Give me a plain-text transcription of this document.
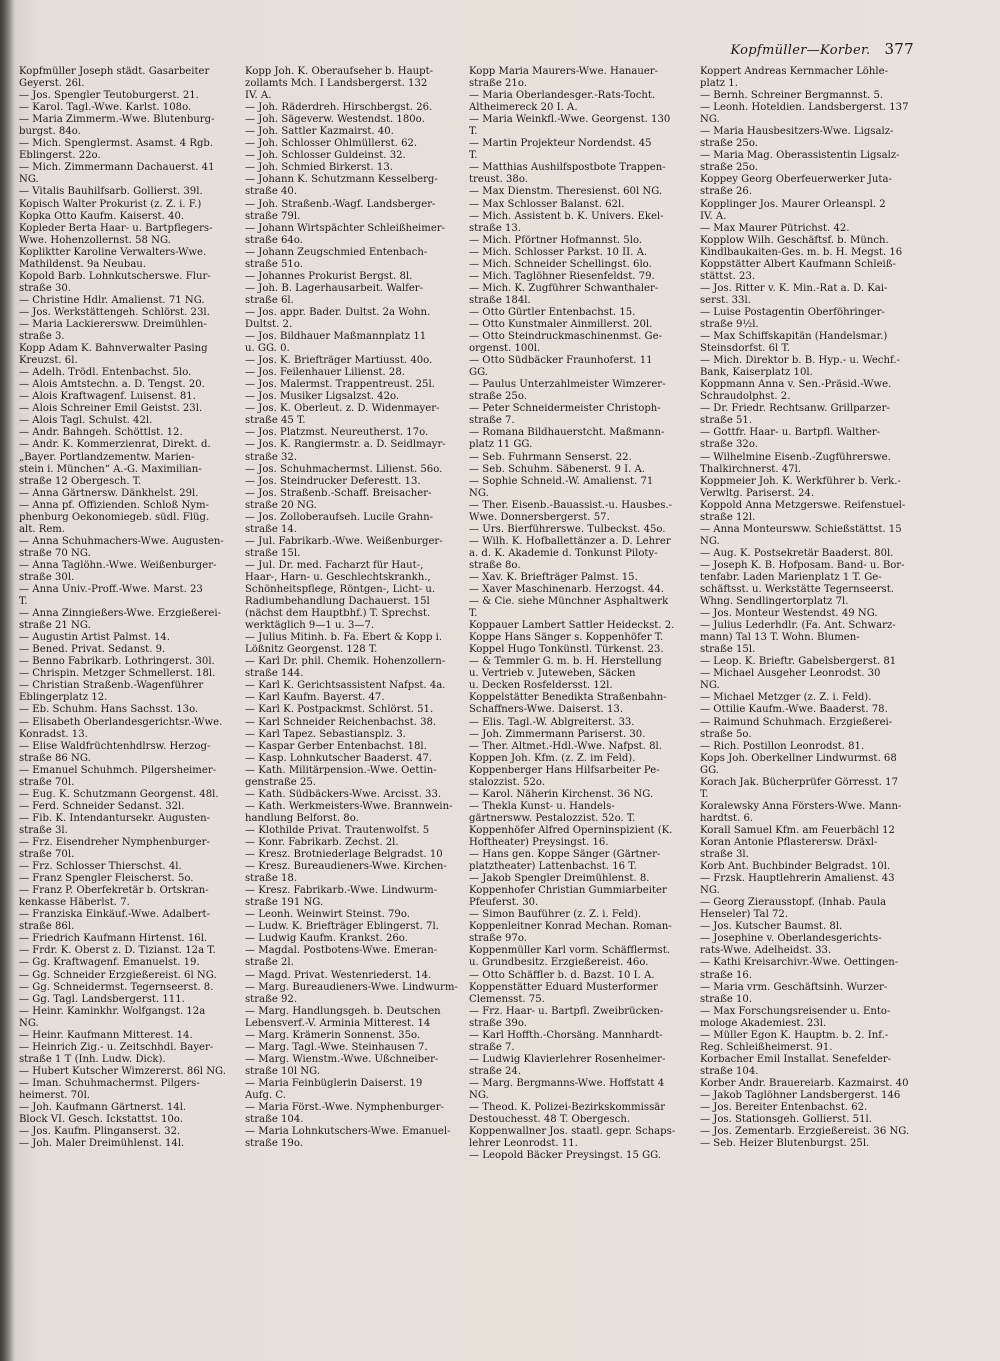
Kopfmüller—Korber. 377

Kopfmüller Joseph städt. Gasarbeiter

Geyerst. 26l.

— Jos. Spengler Teutoburgerst. 21.

— Karol. Tagl.-Wwe. Karlst. 108o.

— Maria Zimmerm.-Wwe. Blutenburg-

burgst. 84o.

— Mich. Spenglermst. Asamst. 4 Rgb.

Eblingerst. 22o.

— Mich. Zimmermann Dachauerst. 41

NG.

— Vitalis Bauhilfsarb. Gollierst. 39l.

Kopisch Walter Prokurist (z. Z. i. F.)

Kopka Otto Kaufm. Kaiserst. 40.

Kopleder Berta Haar- u. Bartpflegers-

Wwe. Hohenzollernst. 58 NG.

Kopliktter Karoline Verwalters-Wwe.

Mathildenst. 9a Neubau.

Kopold Barb. Lohnkutscherswe. Flur-

straße 30.

— Christine Hdlr. Amalienst. 71 NG.

— Jos. Werkstättengeh. Schlörst. 23l.

— Maria Lackierersww. Dreimühlen-

straße 3.

Kopp Adam K. Bahnverwalter Pasing

Kreuzst. 6l.

— Adelh. Trödl. Entenbachst. 5lo.

— Alois Amtstechn. a. D. Tengst. 20.

— Alois Kraftwagenf. Luisenst. 81.

— Alois Schreiner Emil Geistst. 23l.

— Alois Tagl. Schulst. 42l.

— Andr. Bahngeh. Schöttlst. 12.

— Andr. K. Kommerzienrat, Direkt. d.

„Bayer. Portlandzementw. Marien-

stein i. München“ A.-G. Maximilian-

straße 12 Obergesch. T.

— Anna Gärtnersw. Dänkhelst. 29l.

— Anna pf. Offizienden. Schloß Nym-

phenburg Oekonomiegeb. südl. Flüg.

alt. Rem.

— Anna Schuhmachers-Wwe. Augusten-

straße 70 NG.

— Anna Taglöhn.-Wwe. Weißenburger-

straße 30l.

— Anna Univ.-Proff.-Wwe. Marst. 23

T.

— Anna Zinngießers-Wwe. Erzgießerei-

straße 21 NG.

— Augustin Artist Palmst. 14.

— Bened. Privat. Sedanst. 9.

— Benno Fabrikarb. Lothringerst. 30l.

— Chrispin. Metzger Schmellerst. 18l.

— Christian Straßenb.-Wagenführer

Eblingerplatz 12.

— Eb. Schuhm. Hans Sachsst. 13o.

— Elisabeth Oberlandesgerichtsr.-Wwe.

Konradst. 13.

— Elise Waldfrüchtenhdlrsw. Herzog-

straße 86 NG.

— Emanuel Schuhmch. Pilgersheimer-

straße 70l.

— Eug. K. Schutzmann Georgenst. 48l.

— Ferd. Schneider Sedanst. 32l.

— Fib. K. Intendantursekr. Augusten-

straße 3l.

— Frz. Eisendreher Nymphenburger-

straße 70l.

— Frz. Schlosser Thierschst. 4l.

— Franz Spengler Fleischerst. 5o.

— Franz P. Oberfekretär b. Ortskran-

kenkasse Häberlst. 7.

— Franziska Einkäuf.-Wwe. Adalbert-

straße 86l.

— Friedrich Kaufmann Hirtenst. 16l.

— Frdr. K. Oberst z. D. Tizianst. 12a T.

— Gg. Kraftwagenf. Emanuelst. 19.

— Gg. Schneider Erzgießereist. 6l NG.

— Gg. Schneidermst. Tegernseerst. 8.

— Gg. Tagl. Landsbergerst. 111.

— Heinr. Kaminkhr. Wolfgangst. 12a

NG.

— Heinr. Kaufmann Mitterest. 14.

— Heinrich Zig.- u. Zeitschhdl. Bayer-

straße 1 T (Inh. Ludw. Dick).

— Hubert Kutscher Wimzererst. 86l NG.

— Iman. Schuhmachermst. Pilgers-

heimerst. 70l.

— Joh. Kaufmann Gärtnerst. 14l.

Block VI. Gesch. Ickstattst. 10o.

— Jos. Kaufm. Plinganserst. 32.

— Joh. Maler Dreimühlenst. 14l.

Kopp Joh. K. Oberaufseher b. Haupt-

zollamts Mch. I Landsbergerst. 132

IV. A.

— Joh. Räderdreh. Hirschbergst. 26.

— Joh. Sägeverw. Westendst. 180o.

— Joh. Sattler Kazmairst. 40.

— Joh. Schlosser Ohlmüllerst. 62.

— Joh. Schlosser Guldeinst. 32.

— Joh. Schmied Birkerst. 13.

— Johann K. Schutzmann Kesselberg-

straße 40.

— Joh. Straßenb.-Wagf. Landsberger-

straße 79l.

— Johann Wirtspächter Schleißheimer-

straße 64o.

— Johann Zeugschmied Entenbach-

straße 51o.

— Johannes Prokurist Bergst. 8l.

— Joh. B. Lagerhausarbeit. Walfer-

straße 6l.

— Jos. appr. Bader. Dultst. 2a Wohn.

Dultst. 2.

— Jos. Bildhauer Maßmannplatz 11

u. GG. 0.

— Jos. K. Briefträger Martiusst. 40o.

— Jos. Feilenhauer Lilienst. 28.

— Jos. Malermst. Trappentreust. 25l.

— Jos. Musiker Ligsalzst. 42o.

— Jos. K. Oberleut. z. D. Widenmayer-

straße 45 T.

— Jos. Platzmst. Neureutherst. 17o.

— Jos. K. Rangiermstr. a. D. Seidlmayr-

straße 32.

— Jos. Schuhmachermst. Lilienst. 56o.

— Jos. Steindrucker Deferestt. 13.

— Jos. Straßenb.-Schaff. Breisacher-

straße 20 NG.

— Jos. Zolloberaufseh. Lucile Grahn-

straße 14.

— Jul. Fabrikarb.-Wwe. Weißenburger-

straße 15l.

— Jul. Dr. med. Facharzt für Haut-,

Haar-, Harn- u. Geschlechtskrankh.,

Schönheitspflege, Röntgen-, Licht- u.

Radiumbehandlung Dachauerst. 15l

(nächst dem Hauptbhf.) T. Sprechst.

werktäglich 9—1 u. 3—7.

— Julius Mitinh. b. Fa. Ebert & Kopp i.

Lößnitz Georgenst. 128 T.

— Karl Dr. phil. Chemik. Hohenzollern-

straße 144.

— Karl K. Gerichtsassistent Nafpst. 4a.

— Karl Kaufm. Bayerst. 47.

— Karl K. Postpackmst. Schlörst. 51.

— Karl Schneider Reichenbachst. 38.

— Karl Tapez. Sebastiansplz. 3.

— Kaspar Gerber Entenbachst. 18l.

— Kasp. Lohnkutscher Baaderst. 47.

— Kath. Militärpension.-Wwe. Oettin-

genstraße 25.

— Kath. Südbäckers-Wwe. Arcisst. 33.

— Kath. Werkmeisters-Wwe. Brannwein-

handlung Belforst. 8o.

— Klothilde Privat. Trautenwolfst. 5

— Konr. Fabrikarb. Zechst. 2l.

— Kresz. Brotniederlage Belgradst. 10

— Kresz. Bureaudieners-Wwe. Kirchen-

straße 18.

— Kresz. Fabrikarb.-Wwe. Lindwurm-

straße 191 NG.

— Leonh. Weinwirt Steinst. 79o.

— Ludw. K. Briefträger Eblingerst. 7l.

— Ludwig Kaufm. Krankst. 26o.

— Magdal. Postbotens-Wwe. Emeran-

straße 2l.

— Magd. Privat. Westenriederst. 14.

— Marg. Bureaudieners-Wwe. Lindwurm-

straße 92.

— Marg. Handlungsgeh. b. Deutschen

Lebensverf.-V. Arminia Mitterest. 14

— Marg. Krämerin Sonnenst. 35o.

— Marg. Tagl.-Wwe. Steinhausen 7.

— Marg. Wienstm.-Wwe. Ußchneiber-

straße 10l NG.

— Maria Feinbüglerin Daiserst. 19

Aufg. C.

— Maria Först.-Wwe. Nymphenburger-

straße 104.

— Maria Lohnkutschers-Wwe. Emanuel-

straße 19o.

Kopp Maria Maurers-Wwe. Hanauer-

straße 21o.

— Maria Oberlandesger.-Rats-Tocht.

Altheimereck 20 I. A.

— Maria Weinkfl.-Wwe. Georgenst. 130

T.

— Martin Projekteur Nordendst. 45

T.

— Matthias Aushilfspostbote Trappen-

treust. 38o.

— Max Dienstm. Theresienst. 60l NG.

— Max Schlosser Balanst. 62l.

— Mich. Assistent b. K. Univers. Ekel-

straße 13.

— Mich. Pförtner Hofmannst. 5lo.

— Mich. Schlosser Parkst. 10 II. A.

— Mich. Schneider Schellingst. 6lo.

— Mich. Taglöhner Riesenfeldst. 79.

— Mich. K. Zugführer Schwanthaler-

straße 184l.

— Otto Gürtler Entenbachst. 15.

— Otto Kunstmaler Ainmillerst. 20l.

— Otto Steindruckmaschinenmst. Ge-

orgenst. 100l.

— Otto Südbäcker Fraunhoferst. 11

GG.

— Paulus Unterzahlmeister Wimzerer-

straße 25o.

— Peter Schneidermeister Christoph-

straße 7.

— Romana Bildhauerstcht. Maßmann-

platz 11 GG.

— Seb. Fuhrmann Senserst. 22.

— Seb. Schuhm. Säbenerst. 9 I. A.

— Sophie Schneid.-W. Amalienst. 71

NG.

— Ther. Eisenb.-Bauassist.-u. Hausbes.-

Wwe. Donnersbergerst. 57.

— Urs. Bierführerswe. Tulbeckst. 45o.

— Wilh. K. Hofballettänzer a. D. Lehrer

a. d. K. Akademie d. Tonkunst Piloty-

straße 8o.

— Xav. K. Briefträger Palmst. 15.

— Xaver Maschinenarb. Herzogst. 44.

— & Cie. siehe Münchner Asphaltwerk

T.

Koppauer Lambert Sattler Heideckst. 2.

Koppe Hans Sänger s. Koppenhöfer T.

Koppel Hugo Tonkünstl. Türkenst. 23.

— & Temmler G. m. b. H. Herstellung

u. Vertrieb v. Juteweben, Säcken

u. Decken Rosfeldersst. 12l.

Koppelstätter Benedikta Straßenbahn-

Schaffners-Wwe. Daiserst. 13.

— Elis. Tagl.-W. Ablgreiterst. 33.

— Joh. Zimmermann Pariserst. 30.

— Ther. Altmet.-Hdl.-Wwe. Nafpst. 8l.

Koppen Joh. Kfm. (z. Z. im Feld).

Koppenberger Hans Hilfsarbeiter Pe-

stalozzist. 52o.

— Karol. Näherin Kirchenst. 36 NG.

— Thekla Kunst- u. Handels-

gärtnersww. Pestalozzist. 52o. T.

Koppenhöfer Alfred Operninspizient (K.

Hoftheater) Preysingst. 16.

— Hans gen. Koppe Sänger (Gärtner-

platztheater) Lattenbachst. 16 T.

— Jakob Spengler Dreimühlenst. 8.

Koppenhofer Christian Gummiarbeiter

Pfeuferst. 30.

— Simon Bauführer (z. Z. i. Feld).

Koppenleitner Konrad Mechan. Roman-

straße 97o.

Koppenmüller Karl vorm. Schäfflermst.

u. Grundbesitz. Erzgießereist. 46o.

— Otto Schäffler b. d. Bazst. 10 I. A.

Koppenstätter Eduard Musterformer

Clemensst. 75.

— Frz. Haar- u. Bartpfl. Zweibrücken-

straße 39o.

— Karl Hoffth.-Chorsäng. Mannhardt-

straße 7.

— Ludwig Klavierlehrer Rosenheimer-

straße 24.

— Marg. Bergmanns-Wwe. Hoffstatt 4

NG.

— Theod. K. Polizei-Bezirkskommissär

Destouchesst. 48 T. Obergesch.

Koppenwallner Jos. staatl. gepr. Schaps-

lehrer Leonrodst. 11.

— Leopold Bäcker Preysingst. 15 GG.

Koppert Andreas Kernmacher Löhle-

platz 1.

— Bernh. Schreiner Bergmannst. 5.

— Leonh. Hoteldien. Landsbergerst. 137

NG.

— Maria Hausbesitzers-Wwe. Ligsalz-

straße 25o.

— Maria Mag. Oberassistentin Ligsalz-

straße 25o.

Koppey Georg Oberfeuerwerker Juta-

straße 26.

Kopplinger Jos. Maurer Orleanspl. 2

IV. A.

— Max Maurer Pütrichst. 42.

Kopplow Wilh. Geschäftsf. b. Münch.

Kindlbaukaiten-Ges. m. b. H. Megst. 16

Koppstätter Albert Kaufmann Schleiß-

stättst. 23.

— Jos. Ritter v. K. Min.-Rat a. D. Kai-

serst. 33l.

— Luise Postagentin Oberföhringer-

straße 9½l.

— Max Schiffskapitän (Handelsmar.)

Steinsdorfst. 6l T.

— Mich. Direktor b. B. Hyp.- u. Wechf.-

Bank, Kaiserplatz 10l.

Koppmann Anna v. Sen.-Präsid.-Wwe.

Schraudolphst. 2.

— Dr. Friedr. Rechtsanw. Grillparzer-

straße 51.

— Gottfr. Haar- u. Bartpfl. Walther-

straße 32o.

— Wilhelmine Eisenb.-Zugführerswe.

Thalkirchnerst. 47l.

Koppmeier Joh. K. Werkführer b. Verk.-

Verwltg. Pariserst. 24.

Koppold Anna Metzgerswe. Reifenstuel-

straße 12l.

— Anna Monteursww. Schießstättst. 15

NG.

— Aug. K. Postsekretär Baaderst. 80l.

— Joseph K. B. Hofposam. Band- u. Bor-

tenfabr. Laden Marienplatz 1 T. Ge-

schäftsst. u. Werkstätte Tegernseerst.

Whng. Sendlingertorplatz 7l.

— Jos. Monteur Westendst. 49 NG.

— Julius Lederhdlr. (Fa. Ant. Schwarz-

mann) Tal 13 T. Wohn. Blumen-

straße 15l.

— Leop. K. Brieftr. Gabelsbergerst. 81

— Michael Ausgeher Leonrodst. 30

NG.

— Michael Metzger (z. Z. i. Feld).

— Ottilie Kaufm.-Wwe. Baaderst. 78.

— Raimund Schuhmach. Erzgießerei-

straße 5o.

— Rich. Postillon Leonrodst. 81.

Kops Joh. Oberkellner Lindwurmst. 68

GG.

Korach Jak. Bücherprüfer Görresst. 17

T.

Koralewsky Anna Försters-Wwe. Mann-

hardtst. 6.

Korall Samuel Kfm. am Feuerbächl 12

Koran Antonie Pflasterersw. Dräxl-

straße 3l.

Korb Ant. Buchbinder Belgradst. 10l.

— Frzsk. Hauptlehrerin Amalienst. 43

NG.

— Georg Zierausstopf. (Inhab. Paula

Henseler) Tal 72.

— Jos. Kutscher Baumst. 8l.

— Josephine v. Oberlandesgerichts-

rats-Wwe. Adelheidst. 33.

— Kathi Kreisarchivr.-Wwe. Oettingen-

straße 16.

— Maria vrm. Geschäftsinh. Wurzer-

straße 10.

— Max Forschungsreisender u. Ento-

mologe Akademiest. 23l.

— Müller Egon K. Hauptm. b. 2. Inf.-

Reg. Schleißheimerst. 91.

Korbacher Emil Installat. Senefelder-

straße 104.

Korber Andr. Brauereiarb. Kazmairst. 40

— Jakob Taglöhner Landsbergerst. 146

— Jos. Bereiter Entenbachst. 62.

— Jos. Stationsgeh. Gollierst. 51l.

— Jos. Zementarb. Erzgießereist. 36 NG.

— Seb. Heizer Blutenburgst. 25l.
